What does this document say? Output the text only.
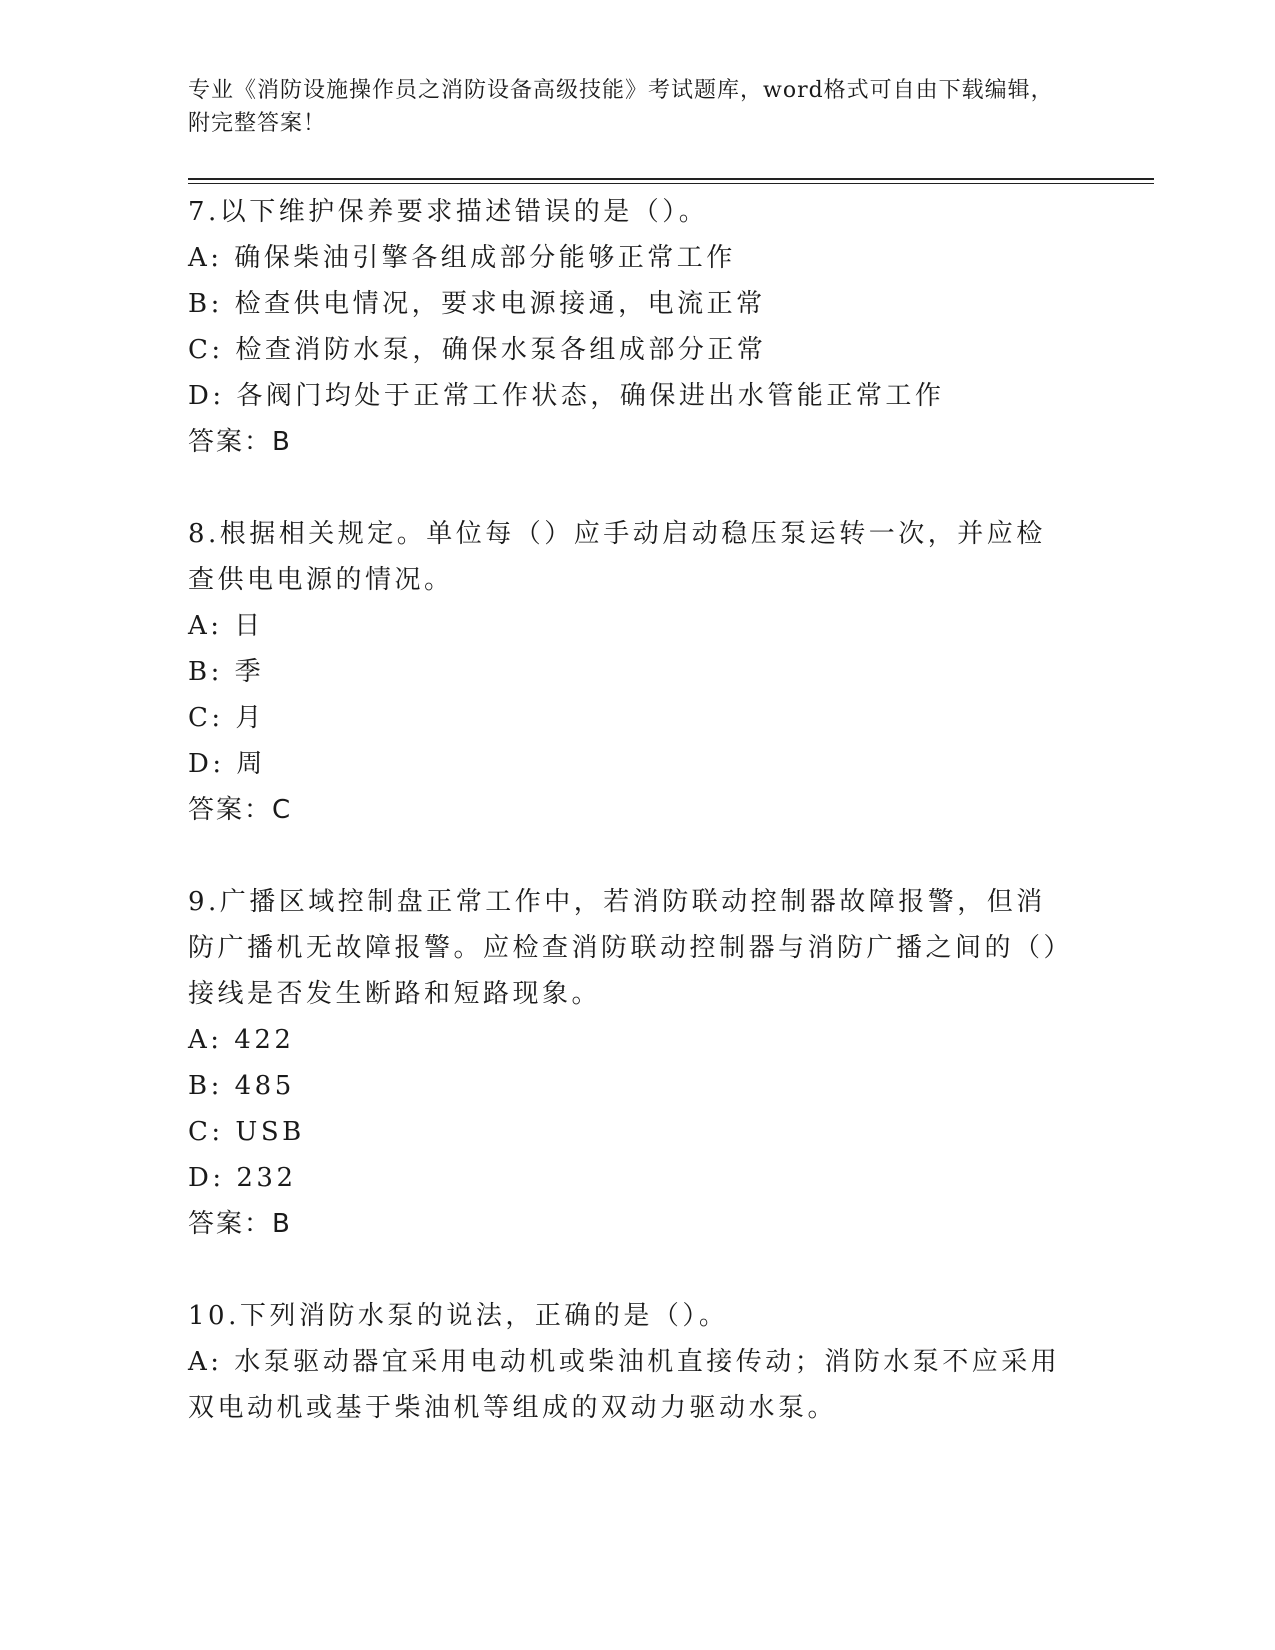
专业《消防设施操作员之消防设备高级技能》考试题库，word格式可自由下载编辑，附完整答案！

7.以下维护保养要求描述错误的是（）。

A: 确保柴油引擎各组成部分能够正常工作

B: 检查供电情况，要求电源接通，电流正常

C: 检查消防水泵，确保水泵各组成部分正常

D: 各阀门均处于正常工作状态，确保进出水管能正常工作

答案：B

8.根据相关规定。单位每（）应手动启动稳压泵运转一次，并应检查供电电源的情况。

A: 日

B: 季

C: 月

D: 周

答案：C

9.广播区域控制盘正常工作中，若消防联动控制器故障报警，但消防广播机无故障报警。应检查消防联动控制器与消防广播之间的（）接线是否发生断路和短路现象。

A: 422

B: 485

C: USB

D: 232

答案：B

10.下列消防水泵的说法，正确的是（）。

A: 水泵驱动器宜采用电动机或柴油机直接传动；消防水泵不应采用双电动机或基于柴油机等组成的双动力驱动水泵。
